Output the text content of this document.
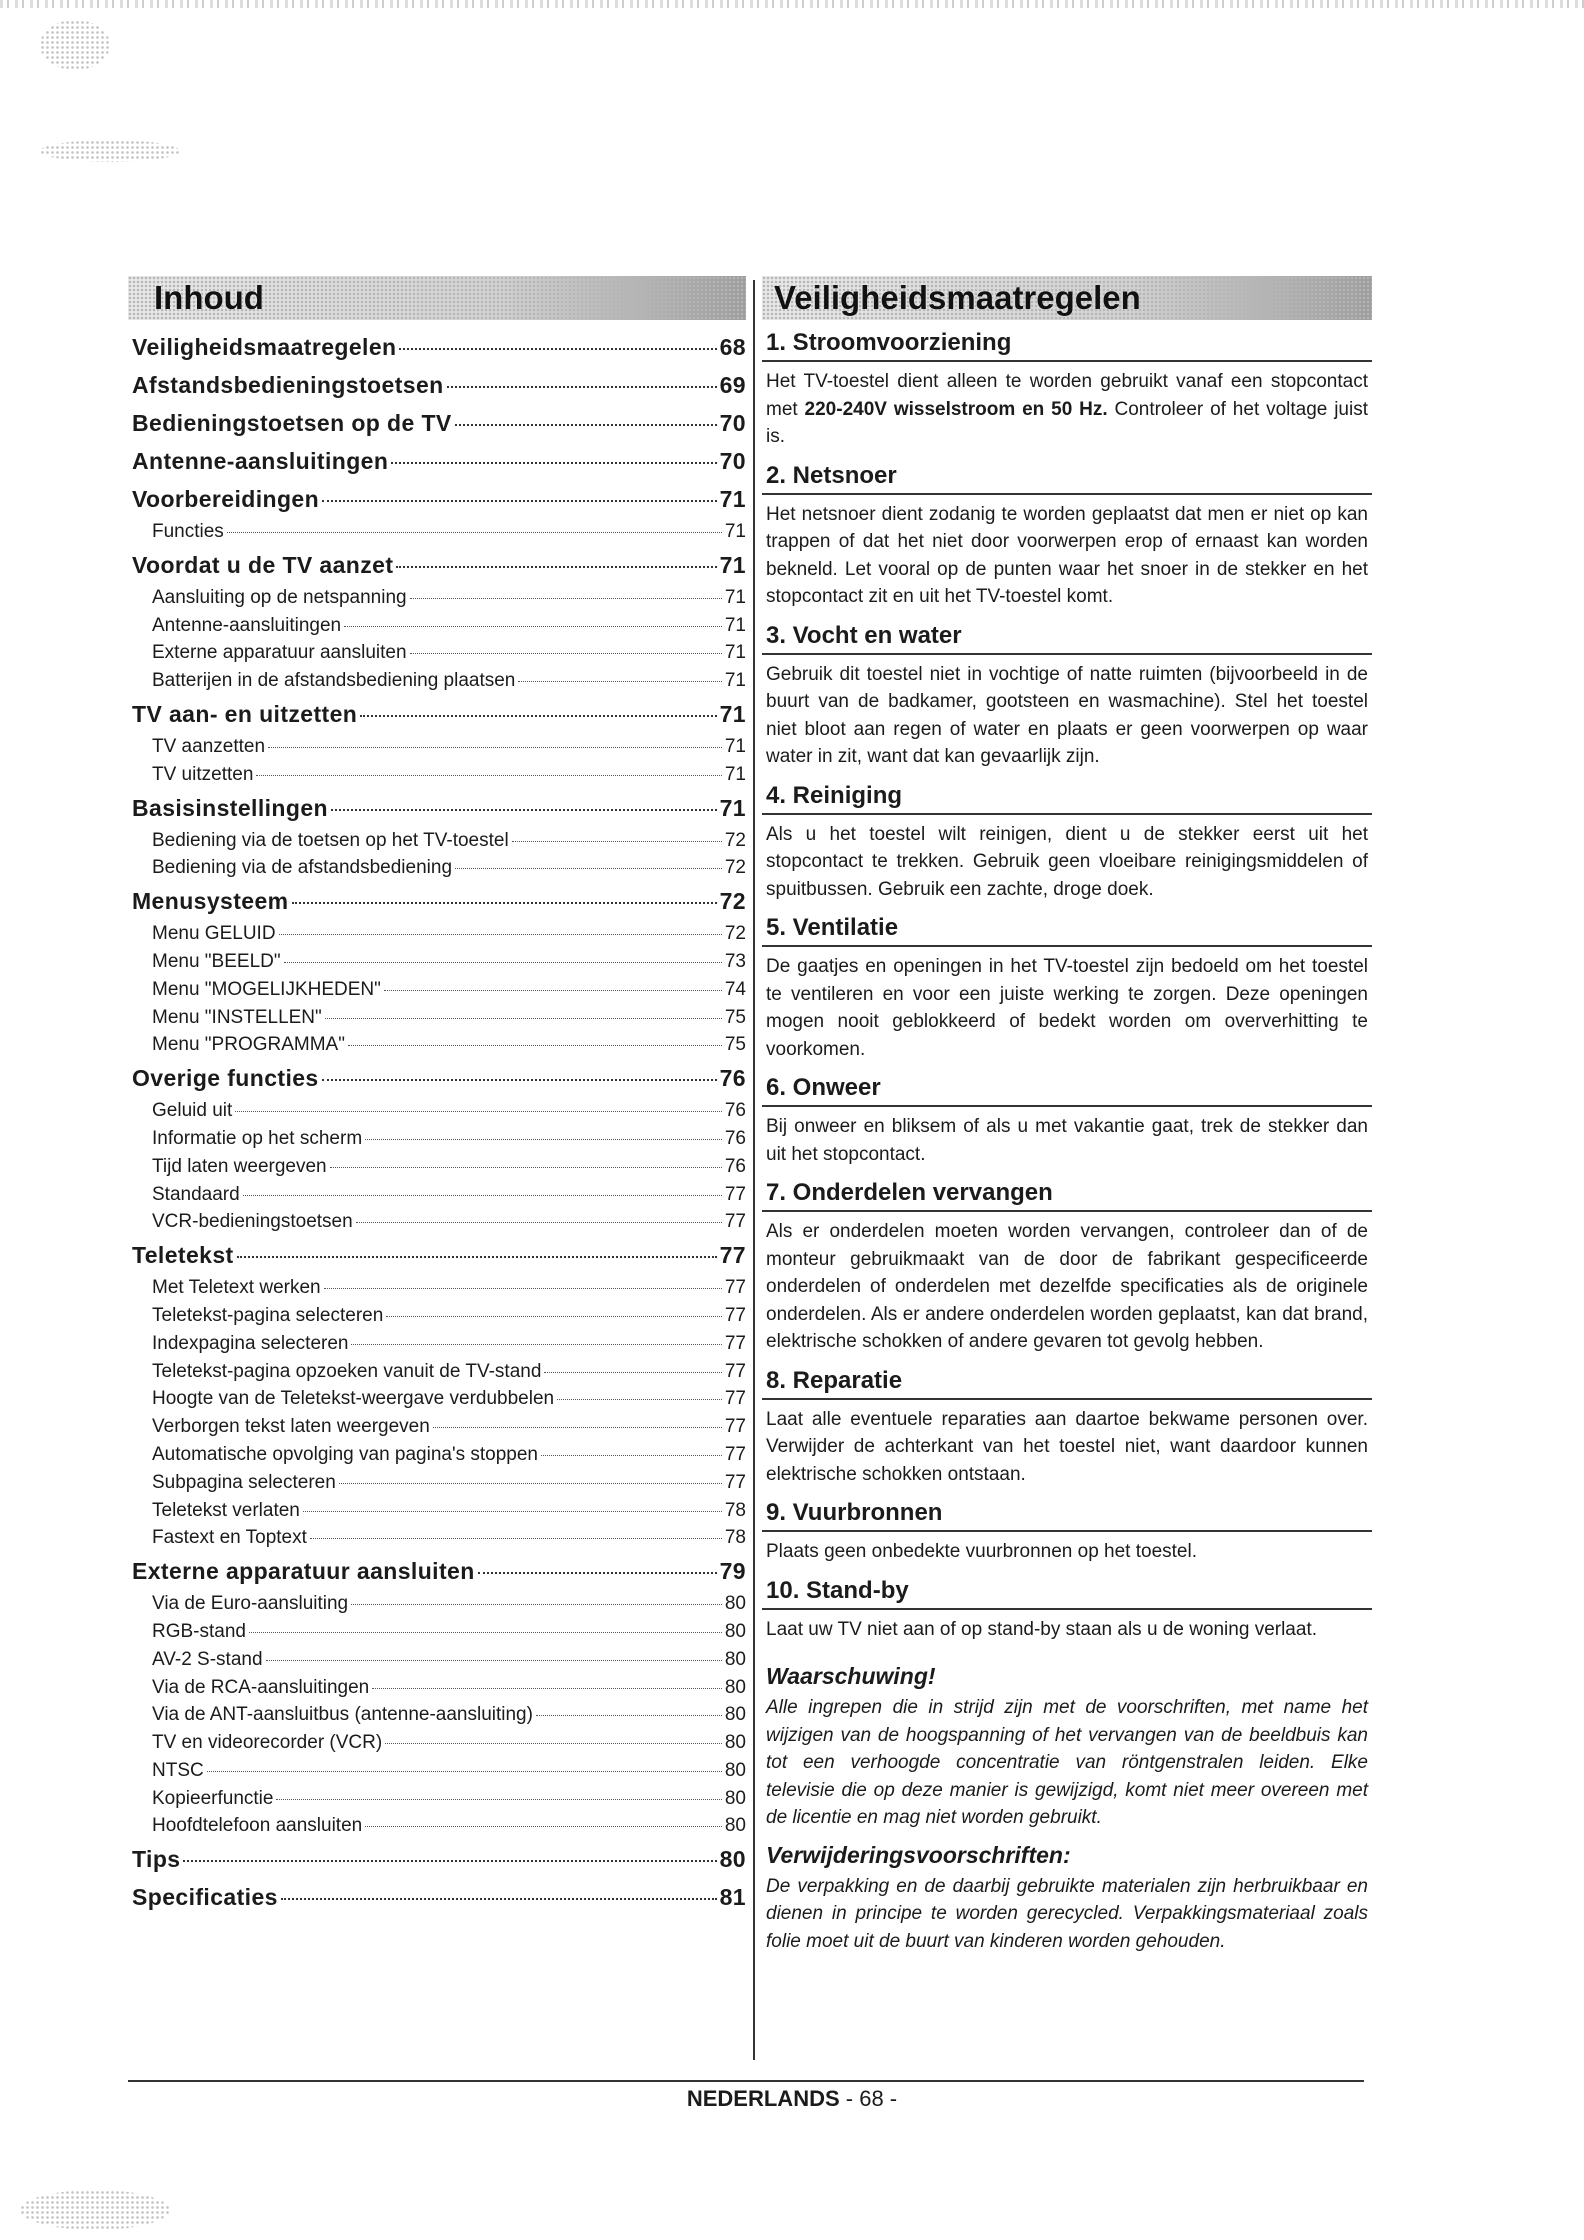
Inhoud
Veiligheidsmaatregelen	68
Afstandsbedieningstoetsen	69
Bedieningstoetsen op de TV	70
Antenne-aansluitingen	70
Voorbereidingen	71
Functies	71
Voordat u de TV aanzet	71
Aansluiting op de netspanning	71
Antenne-aansluitingen	71
Externe apparatuur aansluiten	71
Batterijen in de afstandsbediening plaatsen	71
TV aan- en uitzetten	71
TV aanzetten	71
TV uitzetten	71
Basisinstellingen	71
Bediening via de toetsen op het TV-toestel	72
Bediening via de afstandsbediening	72
Menusysteem	72
Menu GELUID	72
Menu "BEELD"	73
Menu "MOGELIJKHEDEN"	74
Menu "INSTELLEN"	75
Menu "PROGRAMMA"	75
Overige functies	76
Geluid uit	76
Informatie op het scherm	76
Tijd laten weergeven	76
Standaard	77
VCR-bedieningstoetsen	77
Teletekst	77
Met Teletext werken	77
Teletekst-pagina selecteren	77
Indexpagina selecteren	77
Teletekst-pagina opzoeken vanuit de TV-stand	77
Hoogte van de Teletekst-weergave verdubbelen	77
Verborgen tekst laten weergeven	77
Automatische opvolging van pagina's stoppen	77
Subpagina selecteren	77
Teletekst verlaten	78
Fastext en Toptext	78
Externe apparatuur aansluiten	79
Via de Euro-aansluiting	80
RGB-stand	80
AV-2 S-stand	80
Via de RCA-aansluitingen	80
Via de ANT-aansluitbus (antenne-aansluiting)	80
TV en videorecorder (VCR)	80
NTSC	80
Kopieerfunctie	80
Hoofdtelefoon aansluiten	80
Tips	80
Specificaties	81
Veiligheidsmaatregelen
1. Stroomvoorziening
Het TV-toestel dient alleen te worden gebruikt vanaf een stopcontact met 220-240V wisselstroom en 50 Hz. Controleer of het voltage juist is.
2. Netsnoer
Het netsnoer dient zodanig te worden geplaatst dat men er niet op kan trappen of dat het niet door voorwerpen erop of ernaast kan worden bekneld. Let vooral op de punten waar het snoer in de stekker en het stopcontact zit en uit het TV-toestel komt.
3. Vocht en water
Gebruik dit toestel niet in vochtige of natte ruimten (bijvoorbeeld in de buurt van de badkamer, gootsteen en wasmachine). Stel het toestel niet bloot aan regen of water en plaats er geen voorwerpen op waar water in zit, want dat kan gevaarlijk zijn.
4. Reiniging
Als u het toestel wilt reinigen, dient u de stekker eerst uit het stopcontact te trekken. Gebruik geen vloeibare reinigingsmiddelen of spuitbussen. Gebruik een zachte, droge doek.
5. Ventilatie
De gaatjes en openingen in het TV-toestel zijn bedoeld om het toestel te ventileren en voor een juiste werking te zorgen. Deze openingen mogen nooit geblokkeerd of bedekt worden om oververhitting te voorkomen.
6. Onweer
Bij onweer en bliksem of als u met vakantie gaat, trek de stekker dan uit het stopcontact.
7. Onderdelen vervangen
Als er onderdelen moeten worden vervangen, controleer dan of de monteur gebruikmaakt van de door de fabrikant gespecificeerde onderdelen of onderdelen met dezelfde specificaties als de originele onderdelen. Als er andere onderdelen worden geplaatst, kan dat brand, elektrische schokken of andere gevaren tot gevolg hebben.
8. Reparatie
Laat alle eventuele reparaties aan daartoe bekwame personen over. Verwijder de achterkant van het toestel niet, want daardoor kunnen elektrische schokken ontstaan.
9. Vuurbronnen
Plaats geen onbedekte vuurbronnen op het toestel.
10. Stand-by
Laat uw TV niet aan of op stand-by staan als u de woning verlaat.
Waarschuwing!
Alle ingrepen die in strijd zijn met de voorschriften, met name het wijzigen van de hoogspanning of het vervangen van de beeldbuis kan tot een verhoogde concentratie van röntgenstralen leiden. Elke televisie die op deze manier is gewijzigd, komt niet meer overeen met de licentie en mag niet worden gebruikt.
Verwijderingsvoorschriften:
De verpakking en de daarbij gebruikte materialen zijn herbruikbaar en dienen in principe te worden gerecycled. Verpakkingsmateriaal zoals folie moet uit de buurt van kinderen worden gehouden.
NEDERLANDS - 68 -
